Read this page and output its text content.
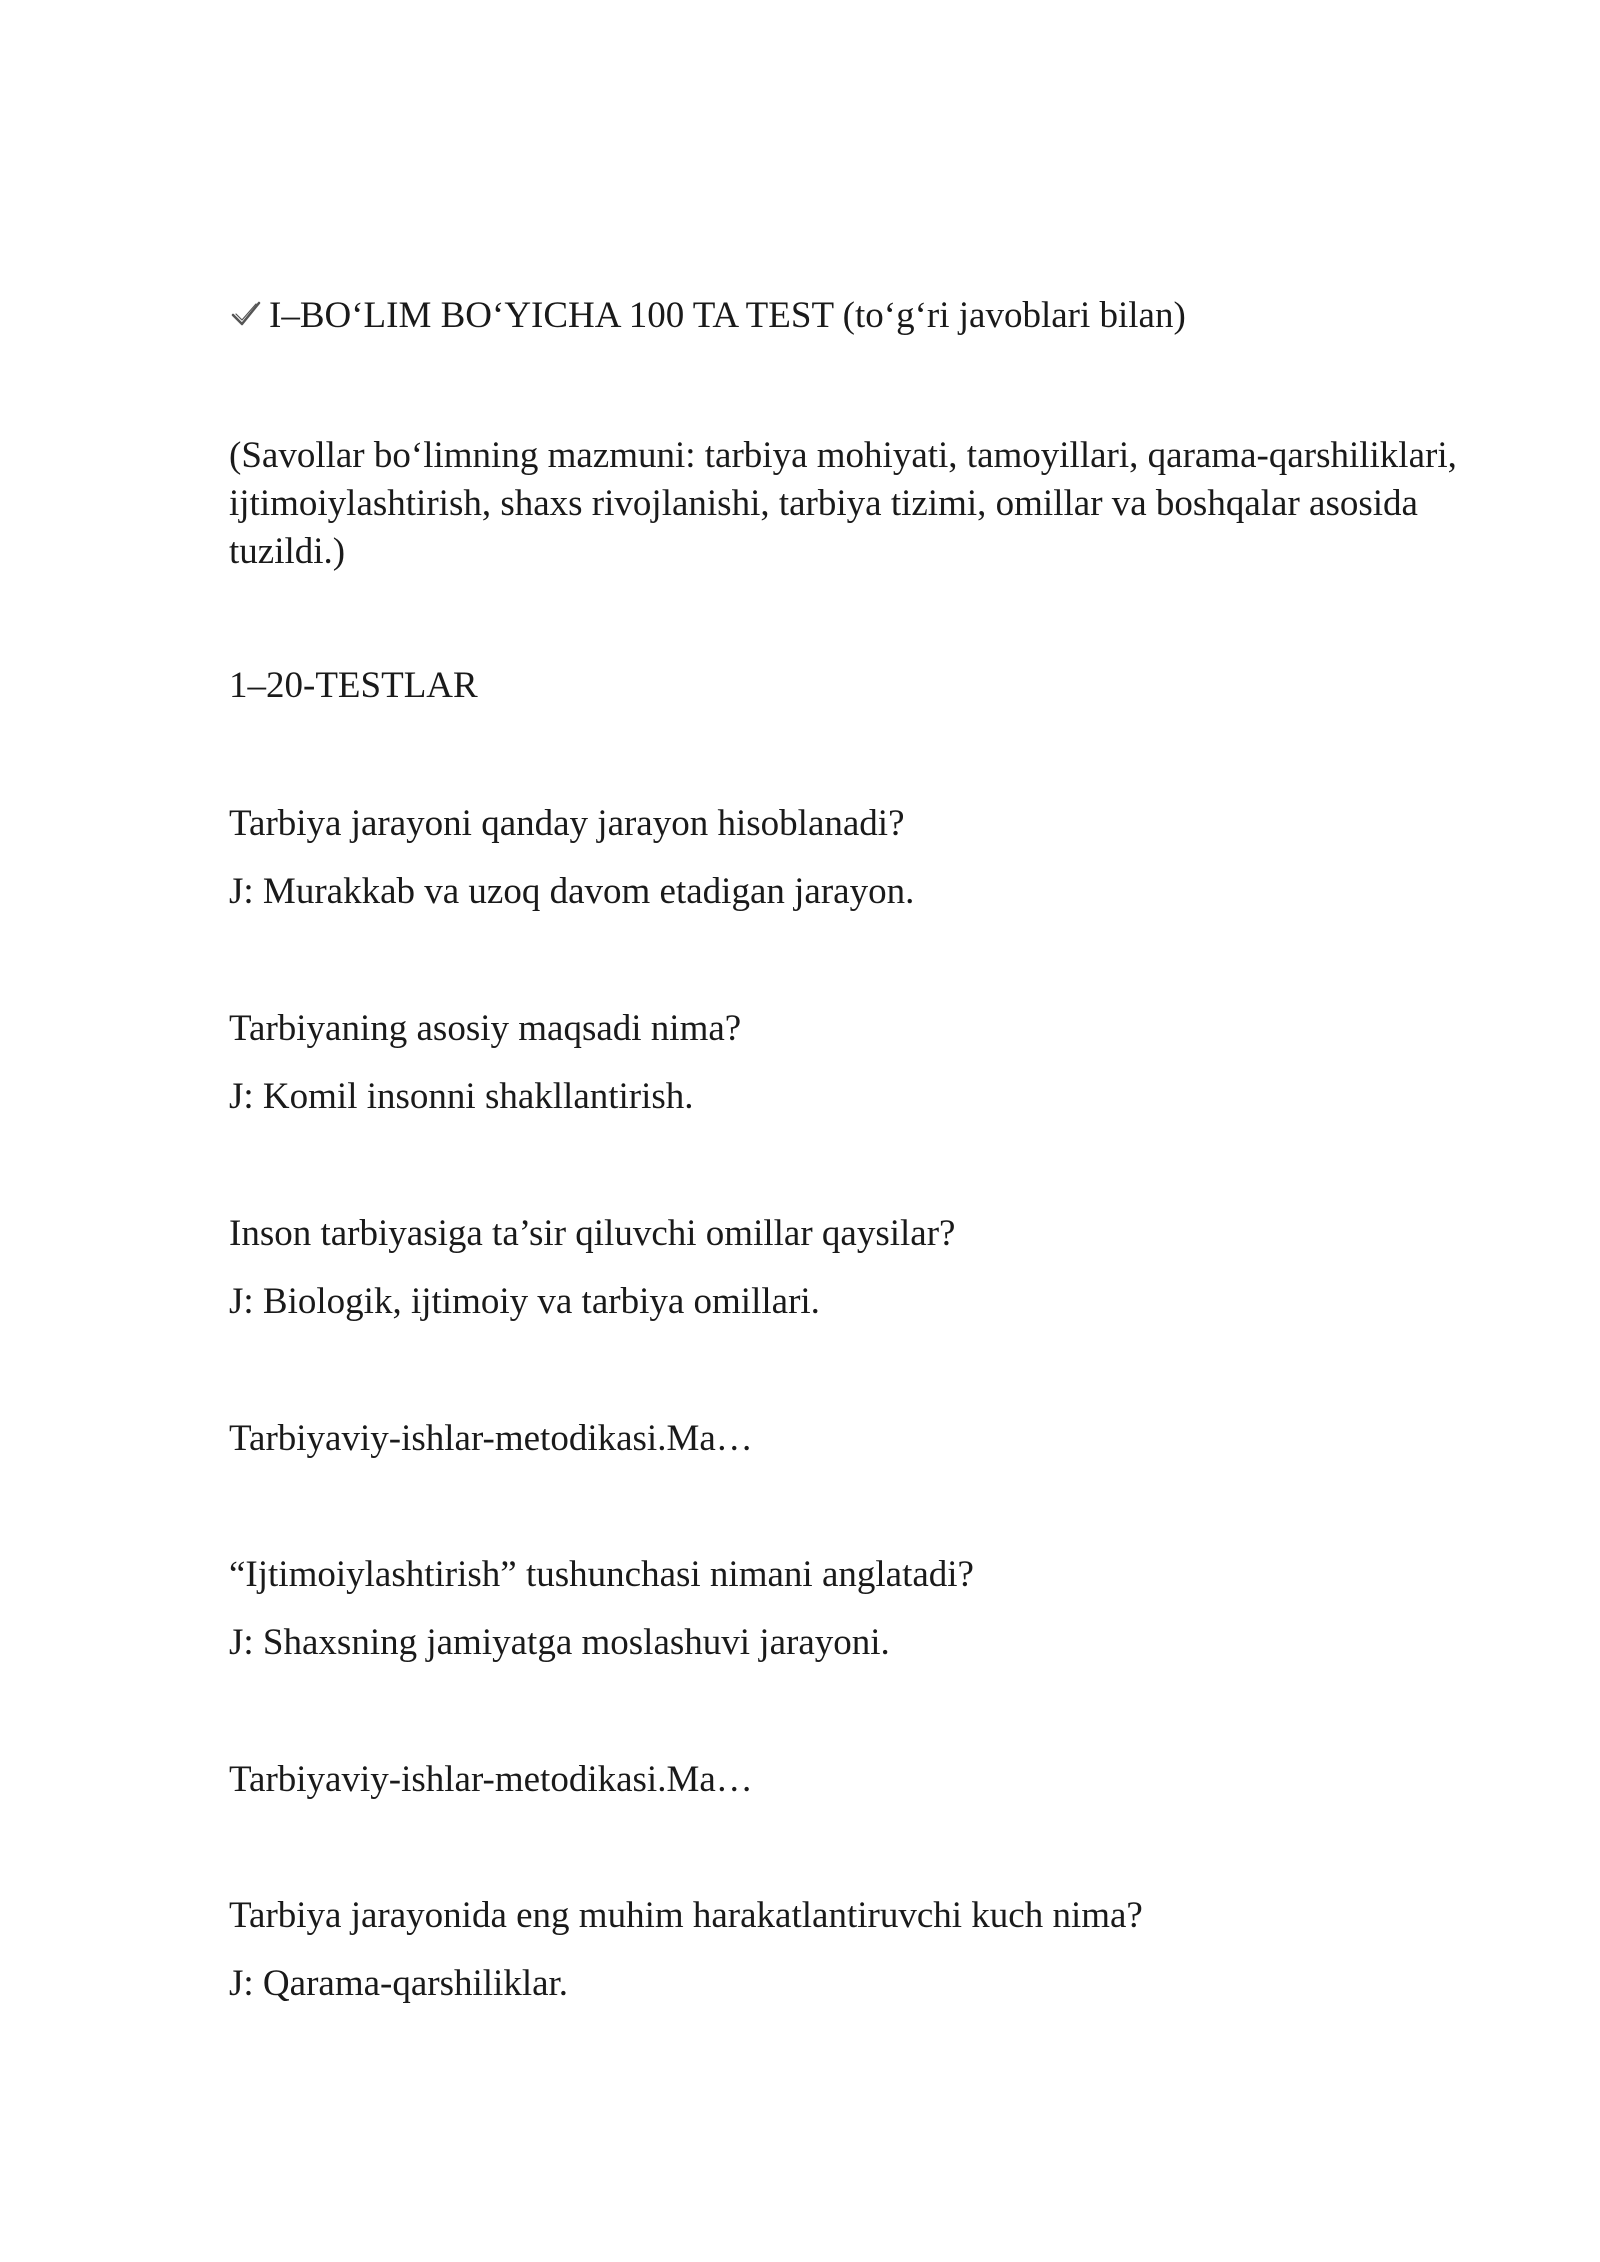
I–BO‘LIM BO‘YICHA 100 TA TEST (to‘g‘ri javoblari bilan)

(Savollar bo‘limning mazmuni: tarbiya mohiyati, tamoyillari, qarama-qarshiliklari, ijtimoiylashtirish, shaxs rivojlanishi, tarbiya tizimi, omillar va boshqalar asosida tuzildi.)

1–20-TESTLAR

Tarbiya jarayoni qanday jarayon hisoblanadi?

J: Murakkab va uzoq davom etadigan jarayon.

Tarbiyaning asosiy maqsadi nima?

J: Komil insonni shakllantirish.

Inson tarbiyasiga ta’sir qiluvchi omillar qaysilar?

J: Biologik, ijtimoiy va tarbiya omillari.

Tarbiyaviy-ishlar-metodikasi.Ma…

“Ijtimoiylashtirish” tushunchasi nimani anglatadi?

J: Shaxsning jamiyatga moslashuvi jarayoni.

Tarbiyaviy-ishlar-metodikasi.Ma…

Tarbiya jarayonida eng muhim harakatlantiruvchi kuch nima?

J: Qarama-qarshiliklar.
